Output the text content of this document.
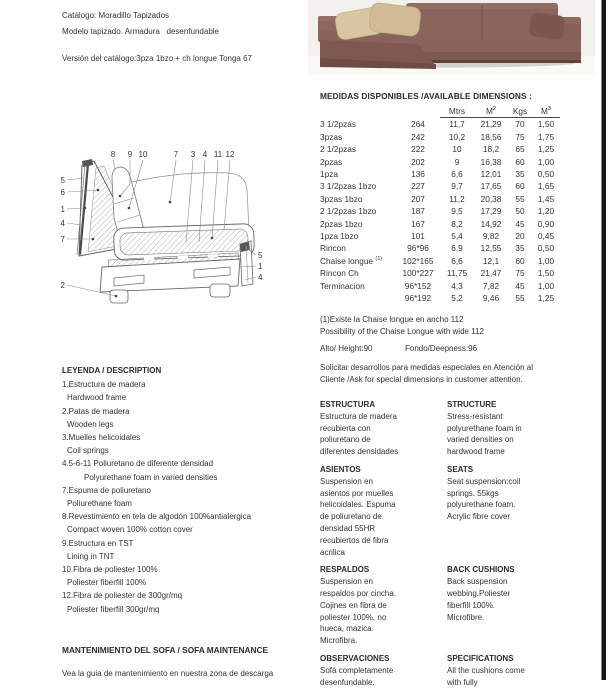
Catálogo: Moradillo Tapizados
Modelo tapizado. Armadura   desenfundable
Versión del catálogo:3pza 1bzo + ch longue Tonga 67
8 9 10	7 3 4 11 12
5
6
1
4
7
2
5
1
4
MEDIDAS DISPONIBLES /AVAILABLE DIMENSIONS :
		Mtrs	$M^2$	Kgs	$M^3$
3 1/2pzas	264	11,7	21,29	70	1,50
3pzas	242	10,2	18,56	75	1,75
2 1/2pzas	222	10	18,2	65	1,25
2pzas	202	9	16,38	60	1,00
1pza	136	6,6	12,01	35	0,50
3 1/2pzas 1bzo	227	9,7	17,65	60	1,65
3pzas 1bzo	207	11,2	20,38	55	1,45
2 1/2pzas 1bzo	187	9,5	17,29	50	1,20
2pzas 1bzo	167	8,2	14,92	45	0,90
1pza 1bzo	101	5,4	9,82	20	0,45
Rincon	96*96	6,9	12,55	35	0,50
Chaise longue $^{(1)}$	102*165	6,6	12,1	60	1,00
Rincon Ch	100*227	11,75	21,47	75	1,50
Terminacion	96*152	4,3	7,82	45	1,00
	96*192	5,2	9,46	55	1,25
(1)Existe la Chaise longue en ancho 112
Possibility of the Chaise Longue with wide 112
Alto/ Height:90	Fondo/Deepness:96
Solicitar desarrollos para medidas especiales en Atención al Cliente /Ask for special dimensions in customer attention.
ESTRUCTURA
Estructura de madera recubierta con poliuretano de diferentes densidades
STRUCTURE
Stress-resistant polyurethane foam in varied densities on hardwood frame
ASIENTOS
Suspension en asientos por muelles helicoidales. Espuma de poliuretano de densidad 55HR recubiertos de fibra acrilica
SEATS
Seat suspension:coil springs. 55kgs polyurethane foam. Acrylic fibre cover
RESPALDOS
Suspension en respaldos por cincha. Cojines en fibra de poliester 100%, no hueca, mazica. Microfibra.
BACK CUSHIONS
Back suspension webbing.Poliester fiberfill 100%. Microfibre.
OBSERVACIONES
Sofá completamente desenfundable.
SPECIFICATIONS
All the cushions come with fully
LEYENDA / DESCRIPTION
1.Estructura de madera
Hardwood frame
2.Patas de madera
Wooden legs
3.Muelles helicoidales
Coil springs
4.5-6-11 Poliuretano de diferente densidad
Polyurethane foam in varied densities
7.Espuma de poliuretano
Poliurethane foam
8.Revestimiento en tela de algodón 100%antialergica
Compact woven 100% cotton cover
9.Estructura en TST
Lining in TNT
10.Fibra de poliester 100%
Poliester fiberfill 100%
12.Fibra de poliester de 300gr/mq
Poliester fiberfill 300gr/mq
MANTENIMIENTO DEL SOFA / SOFA MAINTENANCE
Vea la guia de mantenimiento en nuestra zona de descarga
